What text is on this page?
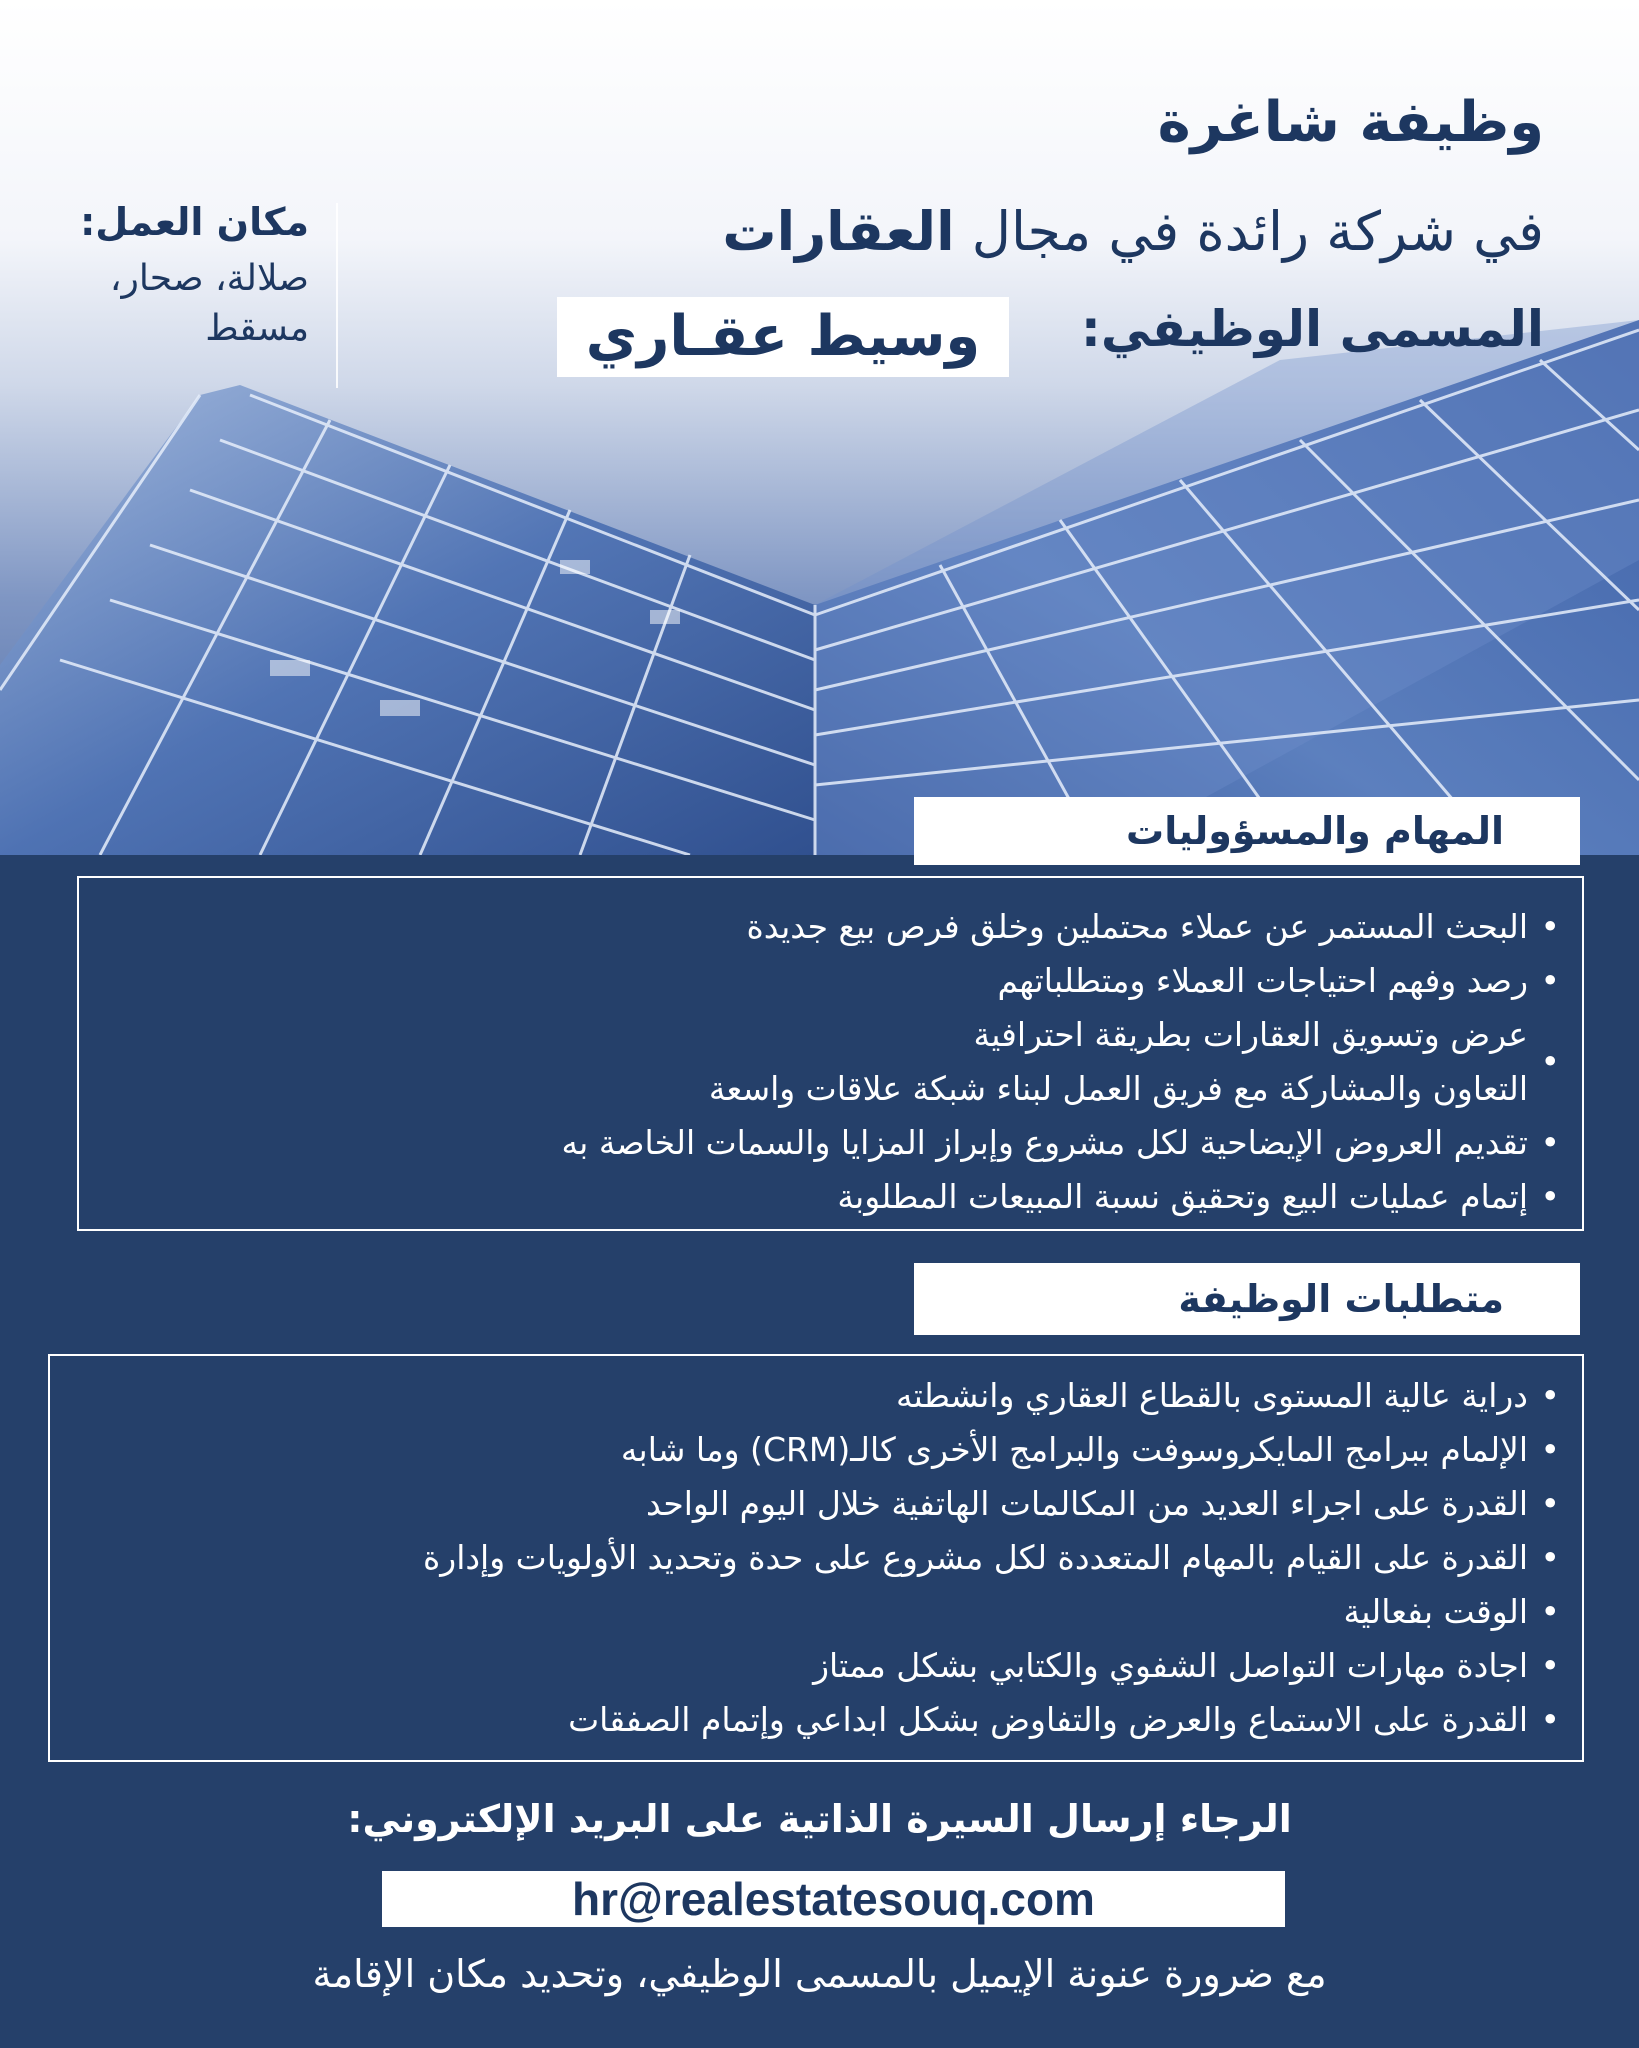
وظيفة شاغرة
في شركة رائدة في مجال العقارات
المسمى الوظيفي:
وسيط عقـاري
مكان العمل:
صلالة، صحار،
مسقط
المهام والمسؤوليات
•
البحث المستمر عن عملاء محتملين وخلق فرص بيع جديدة
•
رصد وفهم احتياجات العملاء ومتطلباتهم
•
عرض وتسويق العقارات بطريقة احترافية
التعاون والمشاركة مع فريق العمل لبناء شبكة علاقات واسعة
•
تقديم العروض الإيضاحية لكل مشروع وإبراز المزايا والسمات الخاصة به
•
إتمام عمليات البيع وتحقيق نسبة المبيعات المطلوبة
متطلبات الوظيفة
•
دراية عالية المستوى بالقطاع العقاري وانشطته
•
الإلمام ببرامج المايكروسوفت والبرامج الأخرى كالـ(CRM) وما شابه
•
القدرة على اجراء العديد من المكالمات الهاتفية خلال اليوم الواحد
•
القدرة على القيام بالمهام المتعددة لكل مشروع على حدة وتحديد الأولويات وإدارة
•
الوقت بفعالية
•
اجادة مهارات التواصل الشفوي والكتابي بشكل ممتاز
•
القدرة على الاستماع والعرض والتفاوض بشكل ابداعي وإتمام الصفقات
الرجاء إرسال السيرة الذاتية على البريد الإلكتروني:
hr@realestatesouq.com
مع ضرورة عنونة الإيميل بالمسمى الوظيفي، وتحديد مكان الإقامة
